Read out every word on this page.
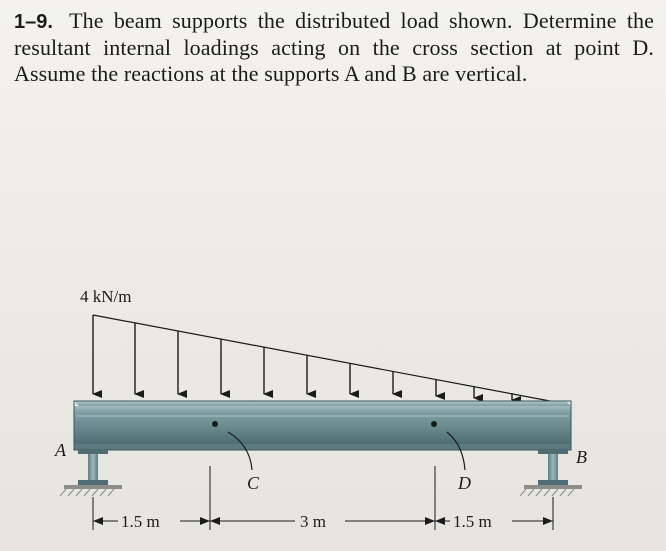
1–9. The beam supports the distributed load shown. Determine the resultant internal loadings acting on the cross section at point D. Assume the reactions at the supports A and B are vertical.
4 kN/m
C	D
A	B
1.5 m	3 m	1.5 m
